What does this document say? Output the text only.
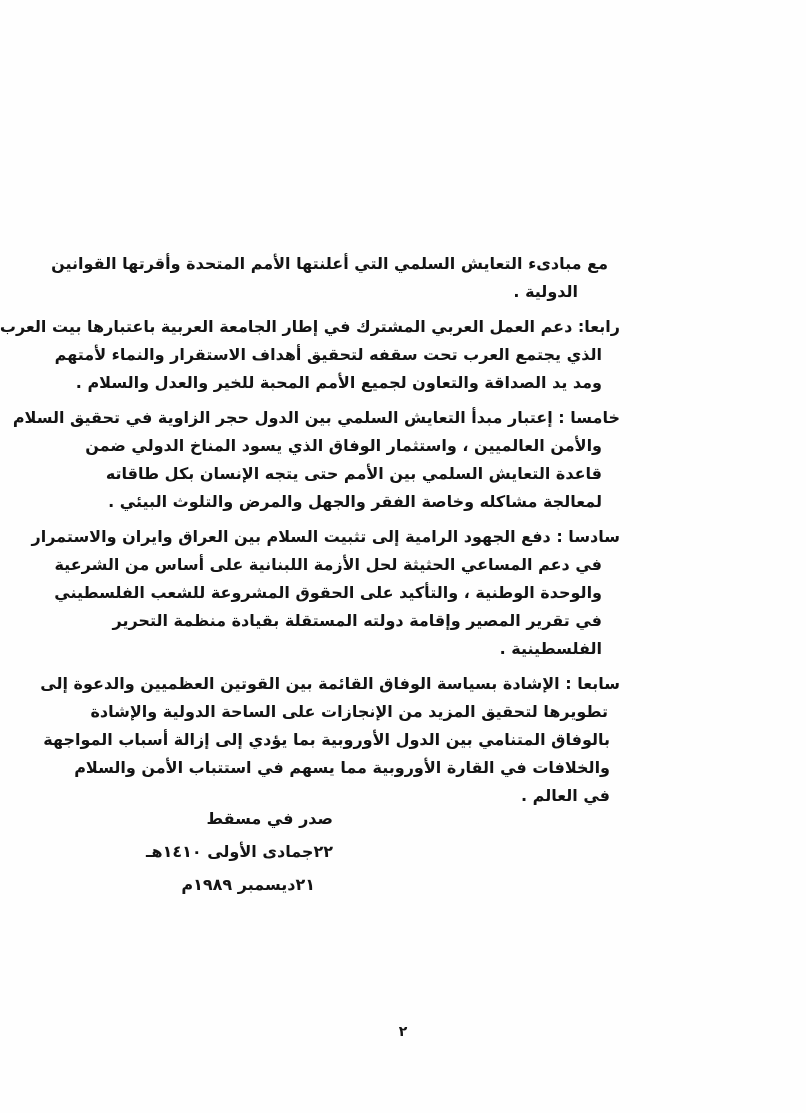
مع مبادىء التعايش السلمي التي أعلنتها الأمم المتحدة وأقرتها القوانين
الدولية .
رابعا: دعم العمل العربي المشترك في إطار الجامعة العربية باعتبارها بيت العرب
الذي يجتمع العرب تحت سقفه لتحقيق أهداف الاستقرار والنماء لأمتهم
ومد يد الصداقة والتعاون لجميع الأمم المحبة للخير والعدل والسلام .
خامسا : إعتبار مبدأ التعايش السلمي بين الدول حجر الزاوية في تحقيق السلام
والأمن العالميين ، واستثمار الوفاق الذي يسود المناخ الدولي ضمن
قاعدة التعايش السلمي بين الأمم حتى يتجه الإنسان بكل طاقاته
لمعالجة مشاكله وخاصة الفقر والجهل والمرض والتلوث البيئي .
سادسا : دفع الجهود الرامية إلى تثبيت السلام بين العراق وايران والاستمرار
في دعم المساعي الحثيثة لحل الأزمة اللبنانية على أساس من الشرعية
والوحدة الوطنية ، والتأكيد على الحقوق المشروعة للشعب الفلسطيني
في تقرير المصير وإقامة دولته المستقلة بقيادة منظمة التحرير
الفلسطينية .
سابعا : الإشادة بسياسة الوفاق القائمة بين القوتين العظميين والدعوة إلى
تطويرها لتحقيق المزيد من الإنجازات على الساحة الدولية والإشادة
بالوفاق المتنامي بين الدول الأوروبية بما يؤدي إلى إزالة أسباب المواجهة
والخلافات في القارة الأوروبية مما يسهم في استتباب الأمن والسلام
في العالم .
صدر في مسقط
٢٢جمادى الأولى ١٤١٠هـ
٢١ديسمبر ١٩٨٩م
٢
